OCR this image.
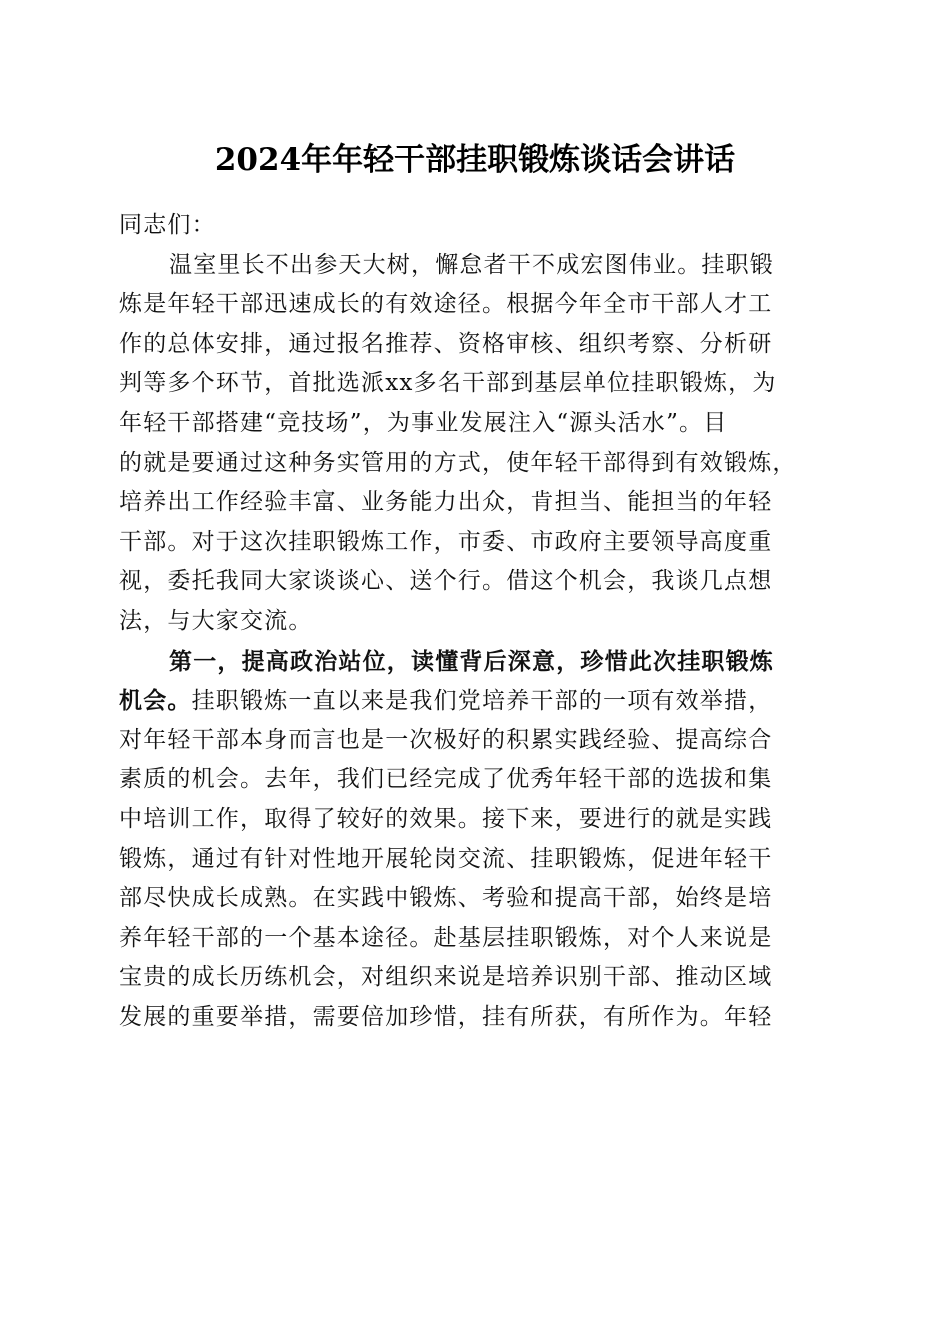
2024年年轻干部挂职锻炼谈话会讲话
同志们：
温室里长不出参天大树，懈怠者干不成宏图伟业。挂职锻
炼是年轻干部迅速成长的有效途径。根据今年全市干部人才工
作的总体安排，通过报名推荐、资格审核、组织考察、分析研
判等多个环节，首批选派xx多名干部到基层单位挂职锻炼，为
年轻干部搭建“竞技场”，为事业发展注入“源头活水”。目
的就是要通过这种务实管用的方式，使年轻干部得到有效锻炼，
培养出工作经验丰富、业务能力出众，肯担当、能担当的年轻
干部。对于这次挂职锻炼工作，市委、市政府主要领导高度重
视，委托我同大家谈谈心、送个行。借这个机会，我谈几点想
法，与大家交流。
第一，提高政治站位，读懂背后深意，珍惜此次挂职锻炼
机会。挂职锻炼一直以来是我们党培养干部的一项有效举措，
对年轻干部本身而言也是一次极好的积累实践经验、提高综合
素质的机会。去年，我们已经完成了优秀年轻干部的选拔和集
中培训工作，取得了较好的效果。接下来，要进行的就是实践
锻炼，通过有针对性地开展轮岗交流、挂职锻炼，促进年轻干
部尽快成长成熟。在实践中锻炼、考验和提高干部，始终是培
养年轻干部的一个基本途径。赴基层挂职锻炼，对个人来说是
宝贵的成长历练机会，对组织来说是培养识别干部、推动区域
发展的重要举措，需要倍加珍惜，挂有所获，有所作为。年轻
